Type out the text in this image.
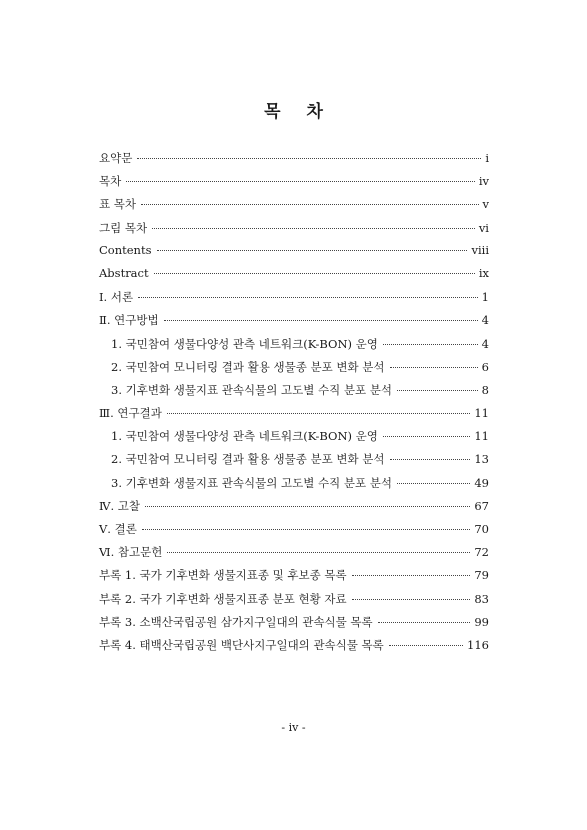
목 차
요약문	i
목차	iv
표 목차	v
그림 목차	vi
Contents	viii
Abstract	ix
Ⅰ. 서론	1
Ⅱ. 연구방법	4
1. 국민참여 생물다양성 관측 네트워크(K-BON) 운영	4
2. 국민참여 모니터링 결과 활용 생물종 분포 변화 분석	6
3. 기후변화 생물지표 관속식물의 고도별 수직 분포 분석	8
Ⅲ. 연구결과	11
1. 국민참여 생물다양성 관측 네트워크(K-BON) 운영	11
2. 국민참여 모니터링 결과 활용 생물종 분포 변화 분석	13
3. 기후변화 생물지표 관속식물의 고도별 수직 분포 분석	49
Ⅳ. 고찰	67
Ⅴ. 결론	70
Ⅵ. 참고문헌	72
부록 1. 국가 기후변화 생물지표종 및 후보종 목록	79
부록 2. 국가 기후변화 생물지표종 분포 현황 자료	83
부록 3. 소백산국립공원 삼가지구일대의 관속식물 목록	99
부록 4. 태백산국립공원 백단사지구일대의 관속식물 목록	116
- iv -
